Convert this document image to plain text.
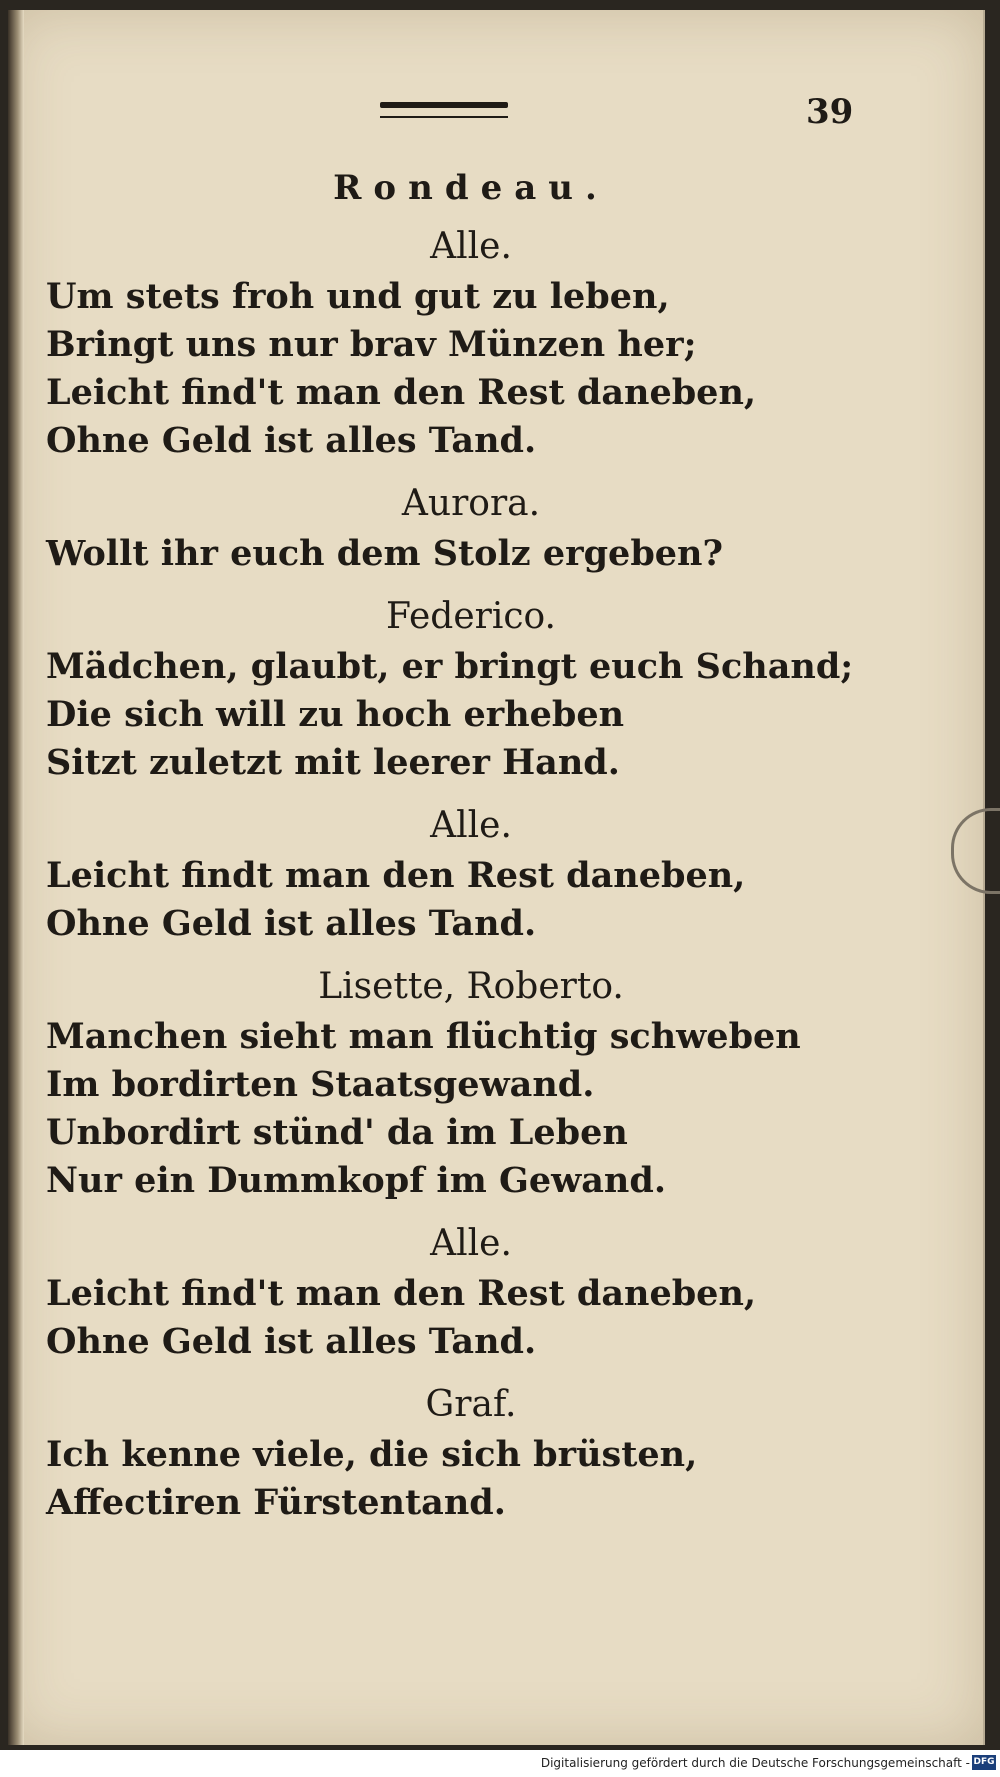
39
Rondeau.
Alle.
Um stets froh und gut zu leben,
Bringt uns nur brav Münzen her;
Leicht find't man den Rest daneben,
Ohne Geld ist alles Tand.
Aurora.
Wollt ihr euch dem Stolz ergeben?
Federico.
Mädchen, glaubt, er bringt euch Schand;
Die sich will zu hoch erheben
Sitzt zuletzt mit leerer Hand.
Alle.
Leicht findt man den Rest daneben,
Ohne Geld ist alles Tand.
Lisette, Roberto.
Manchen sieht man flüchtig schweben
Im bordirten Staatsgewand.
Unbordirt stünd' da im Leben
Nur ein Dummkopf im Gewand.
Alle.
Leicht find't man den Rest daneben,
Ohne Geld ist alles Tand.
Graf.
Ich kenne viele, die sich brüsten,
Affectiren Fürstentand.
Digitalisierung gefördert durch die Deutsche Forschungsgemeinschaft - DFG
